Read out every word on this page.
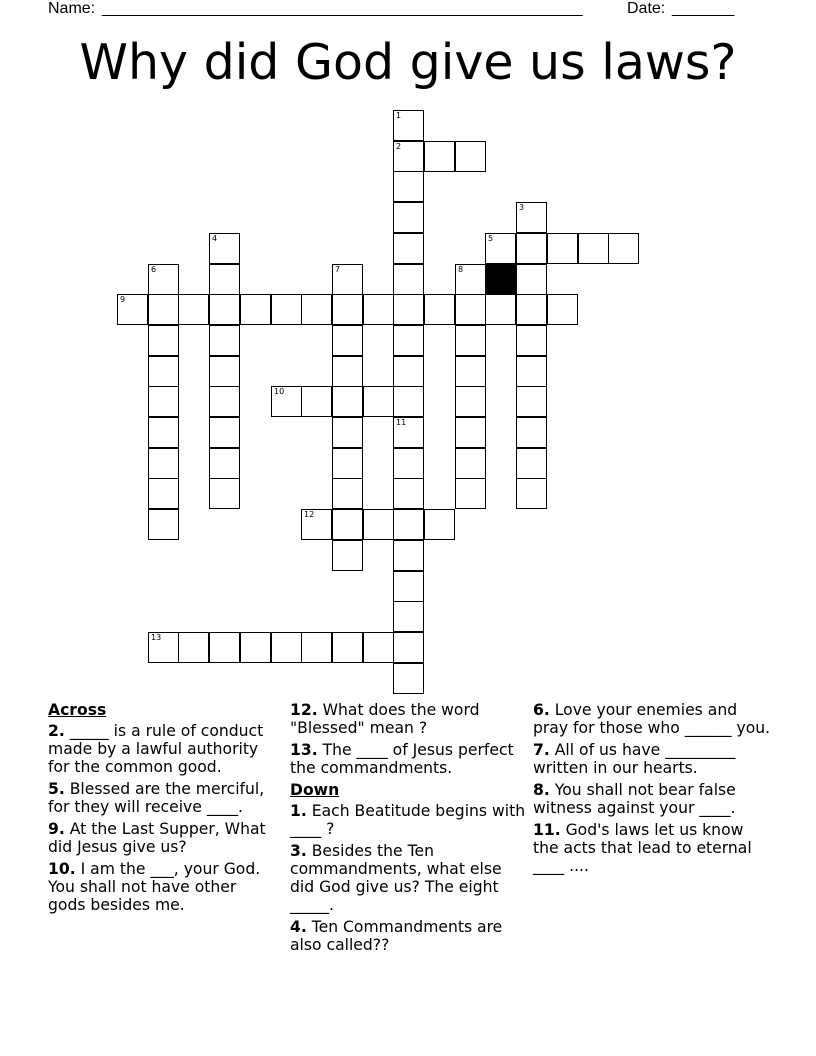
Name: ______________________________________________________	Date: _______
Why did God give us laws?
1
2
11
3
4	5
6	7	8
9
10
12
13
Across
2. _____ is a rule of conduct made by a lawful authority for the common good.
5. Blessed are the merciful, for they will receive ____.
9. At the Last Supper, What did Jesus give us?
10. I am the ___, your God. You shall not have other gods besides me.
12. What does the word "Blessed" mean ?
13. The ____ of Jesus perfect the commandments.
Down
1. Each Beatitude begins with ____ ?
3. Besides the Ten commandments, what else did God give us? The eight _____.
4. Ten Commandments are also called??
6. Love your enemies and pray for those who ______ you.
7. All of us have _________ written in our hearts.
8. You shall not bear false witness against your ____.
11. God's laws let us know the acts that lead to eternal ____ ....
